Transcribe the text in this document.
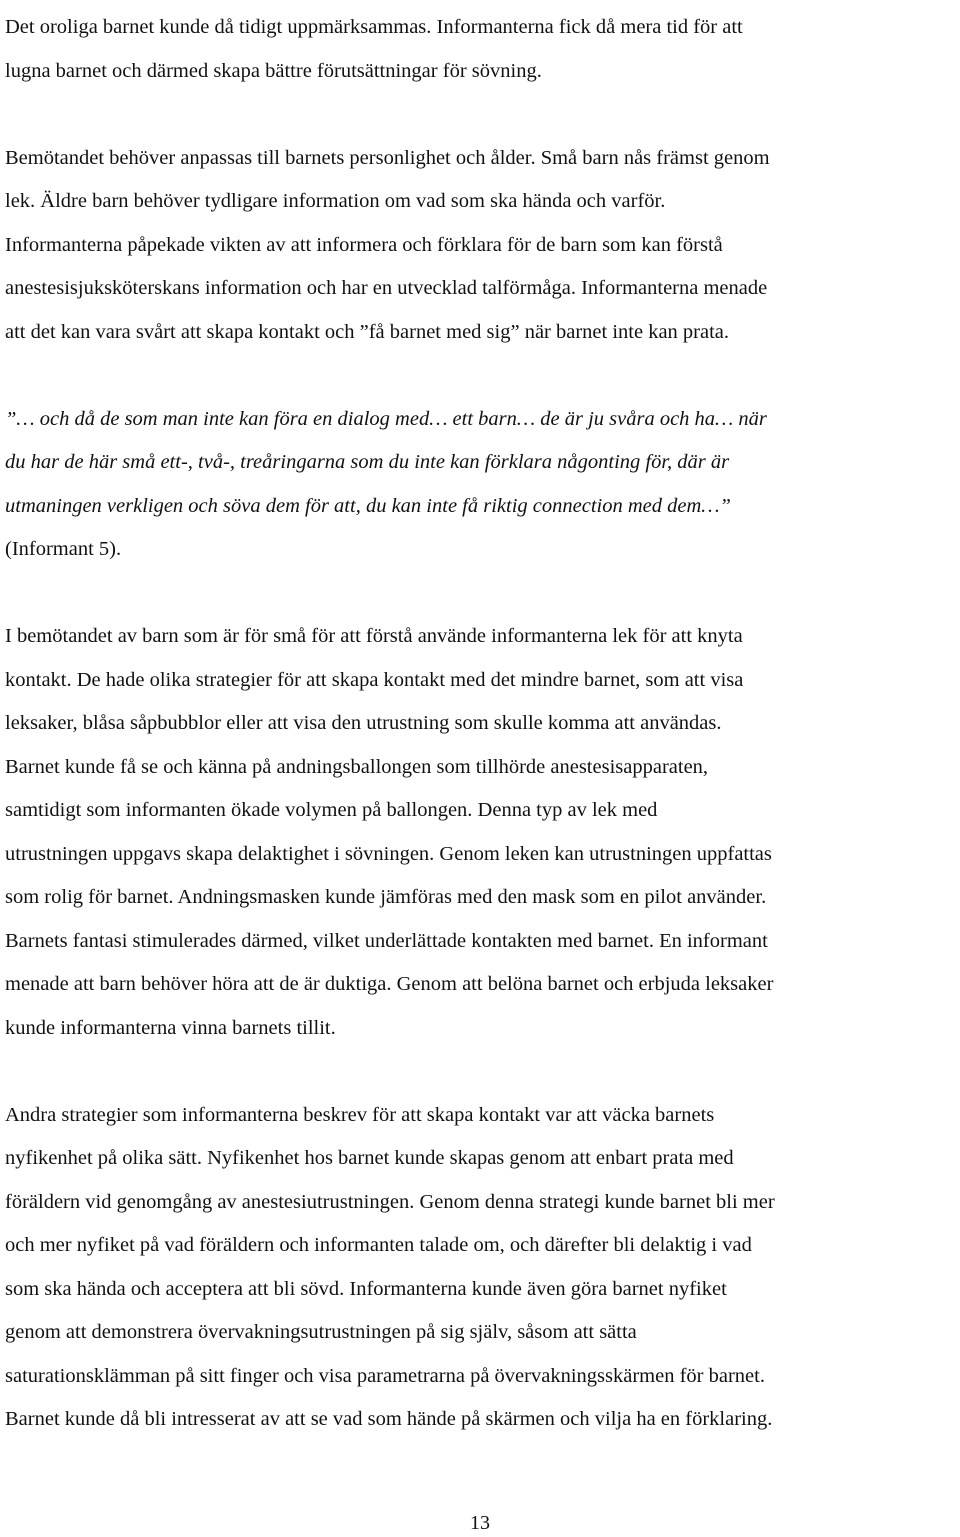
Det oroliga barnet kunde då tidigt uppmärksammas. Informanterna fick då mera tid för att
lugna barnet och därmed skapa bättre förutsättningar för sövning.
Bemötandet behöver anpassas till barnets personlighet och ålder. Små barn nås främst genom
lek. Äldre barn behöver tydligare information om vad som ska hända och varför.
Informanterna påpekade vikten av att informera och förklara för de barn som kan förstå
anestesisjuksköterskans information och har en utvecklad talförmåga. Informanterna menade
att det kan vara svårt att skapa kontakt och ”få barnet med sig” när barnet inte kan prata.
”… och då de som man inte kan föra en dialog med… ett barn… de är ju svåra och ha… när
du har de här små ett-, två-, treåringarna som du inte kan förklara någonting för, där är
utmaningen verkligen och söva dem för att, du kan inte få riktig connection med dem…”
(Informant 5).
I bemötandet av barn som är för små för att förstå använde informanterna lek för att knyta
kontakt. De hade olika strategier för att skapa kontakt med det mindre barnet, som att visa
leksaker, blåsa såpbubblor eller att visa den utrustning som skulle komma att användas.
Barnet kunde få se och känna på andningsballongen som tillhörde anestesisapparaten,
samtidigt som informanten ökade volymen på ballongen. Denna typ av lek med
utrustningen uppgavs skapa delaktighet i sövningen. Genom leken kan utrustningen uppfattas
som rolig för barnet. Andningsmasken kunde jämföras med den mask som en pilot använder.
Barnets fantasi stimulerades därmed, vilket underlättade kontakten med barnet. En informant
menade att barn behöver höra att de är duktiga. Genom att belöna barnet och erbjuda leksaker
kunde informanterna vinna barnets tillit.
Andra strategier som informanterna beskrev för att skapa kontakt var att väcka barnets
nyfikenhet på olika sätt. Nyfikenhet hos barnet kunde skapas genom att enbart prata med
föräldern vid genomgång av anestesiutrustningen. Genom denna strategi kunde barnet bli mer
och mer nyfiket på vad föräldern och informanten talade om, och därefter bli delaktig i vad
som ska hända och acceptera att bli sövd. Informanterna kunde även göra barnet nyfiket
genom att demonstrera övervakningsutrustningen på sig själv, såsom att sätta
saturationsklämman på sitt finger och visa parametrarna på övervakningsskärmen för barnet.
Barnet kunde då bli intresserat av att se vad som hände på skärmen och vilja ha en förklaring.
13
